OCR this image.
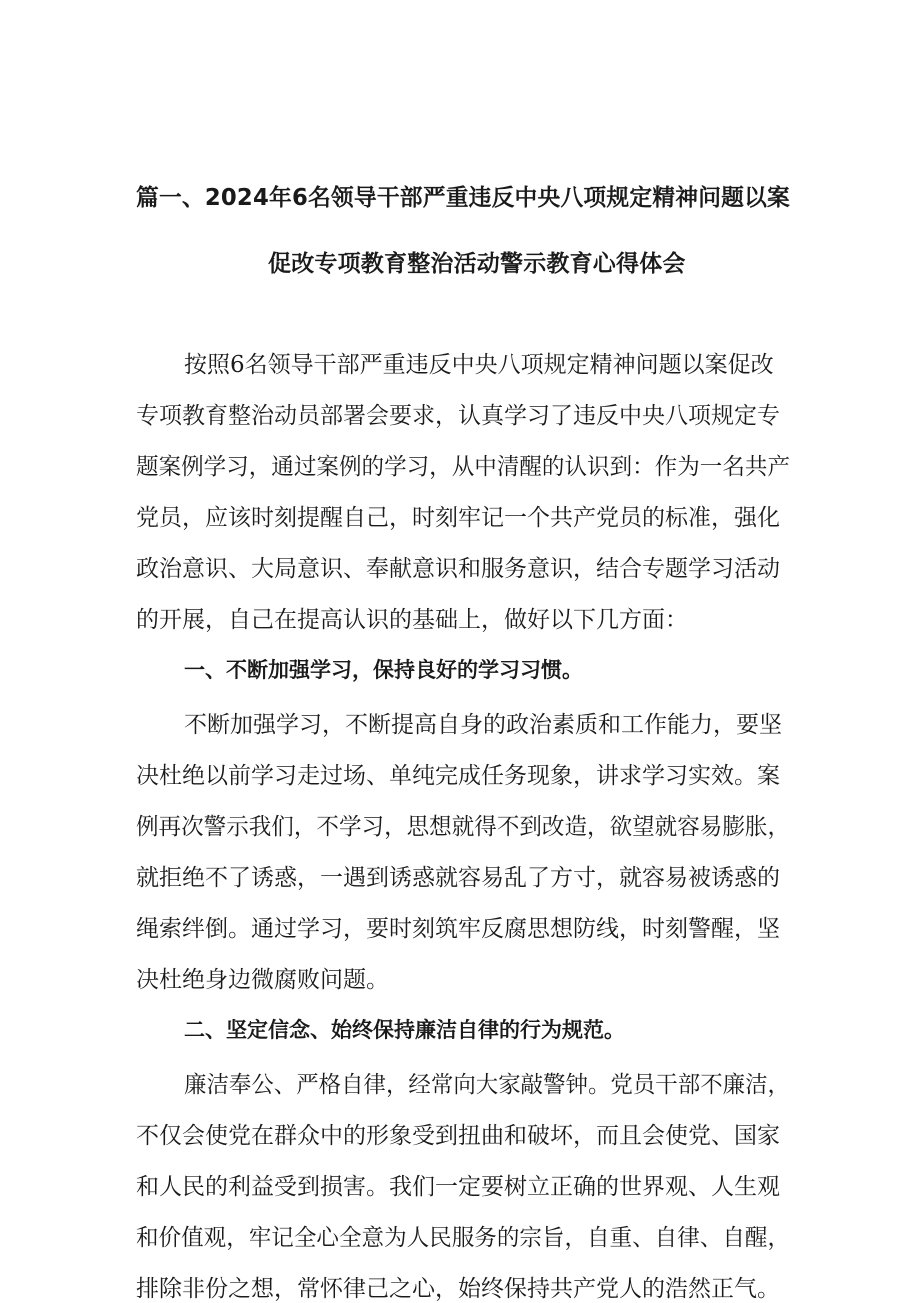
篇一、2024年6名领导干部严重违反中央八项规定精神问题以案
促改专项教育整治活动警示教育心得体会
按照6名领导干部严重违反中央八项规定精神问题以案促改
专项教育整治动员部署会要求，认真学习了违反中央八项规定专
题案例学习，通过案例的学习，从中清醒的认识到：作为一名共产
党员，应该时刻提醒自己，时刻牢记一个共产党员的标准，强化
政治意识、大局意识、奉献意识和服务意识，结合专题学习活动
的开展，自己在提高认识的基础上，做好以下几方面：
一、不断加强学习，保持良好的学习习惯。
不断加强学习，不断提高自身的政治素质和工作能力，要坚
决杜绝以前学习走过场、单纯完成任务现象，讲求学习实效。案
例再次警示我们，不学习，思想就得不到改造，欲望就容易膨胀，
就拒绝不了诱惑，一遇到诱惑就容易乱了方寸，就容易被诱惑的
绳索绊倒。通过学习，要时刻筑牢反腐思想防线，时刻警醒，坚
决杜绝身边微腐败问题。
二、坚定信念、始终保持廉洁自律的行为规范。
廉洁奉公、严格自律，经常向大家敲警钟。党员干部不廉洁，
不仅会使党在群众中的形象受到扭曲和破坏，而且会使党、国家
和人民的利益受到损害。我们一定要树立正确的世界观、人生观
和价值观，牢记全心全意为人民服务的宗旨，自重、自律、自醒，
排除非份之想，常怀律己之心，始终保持共产党人的浩然正气。
